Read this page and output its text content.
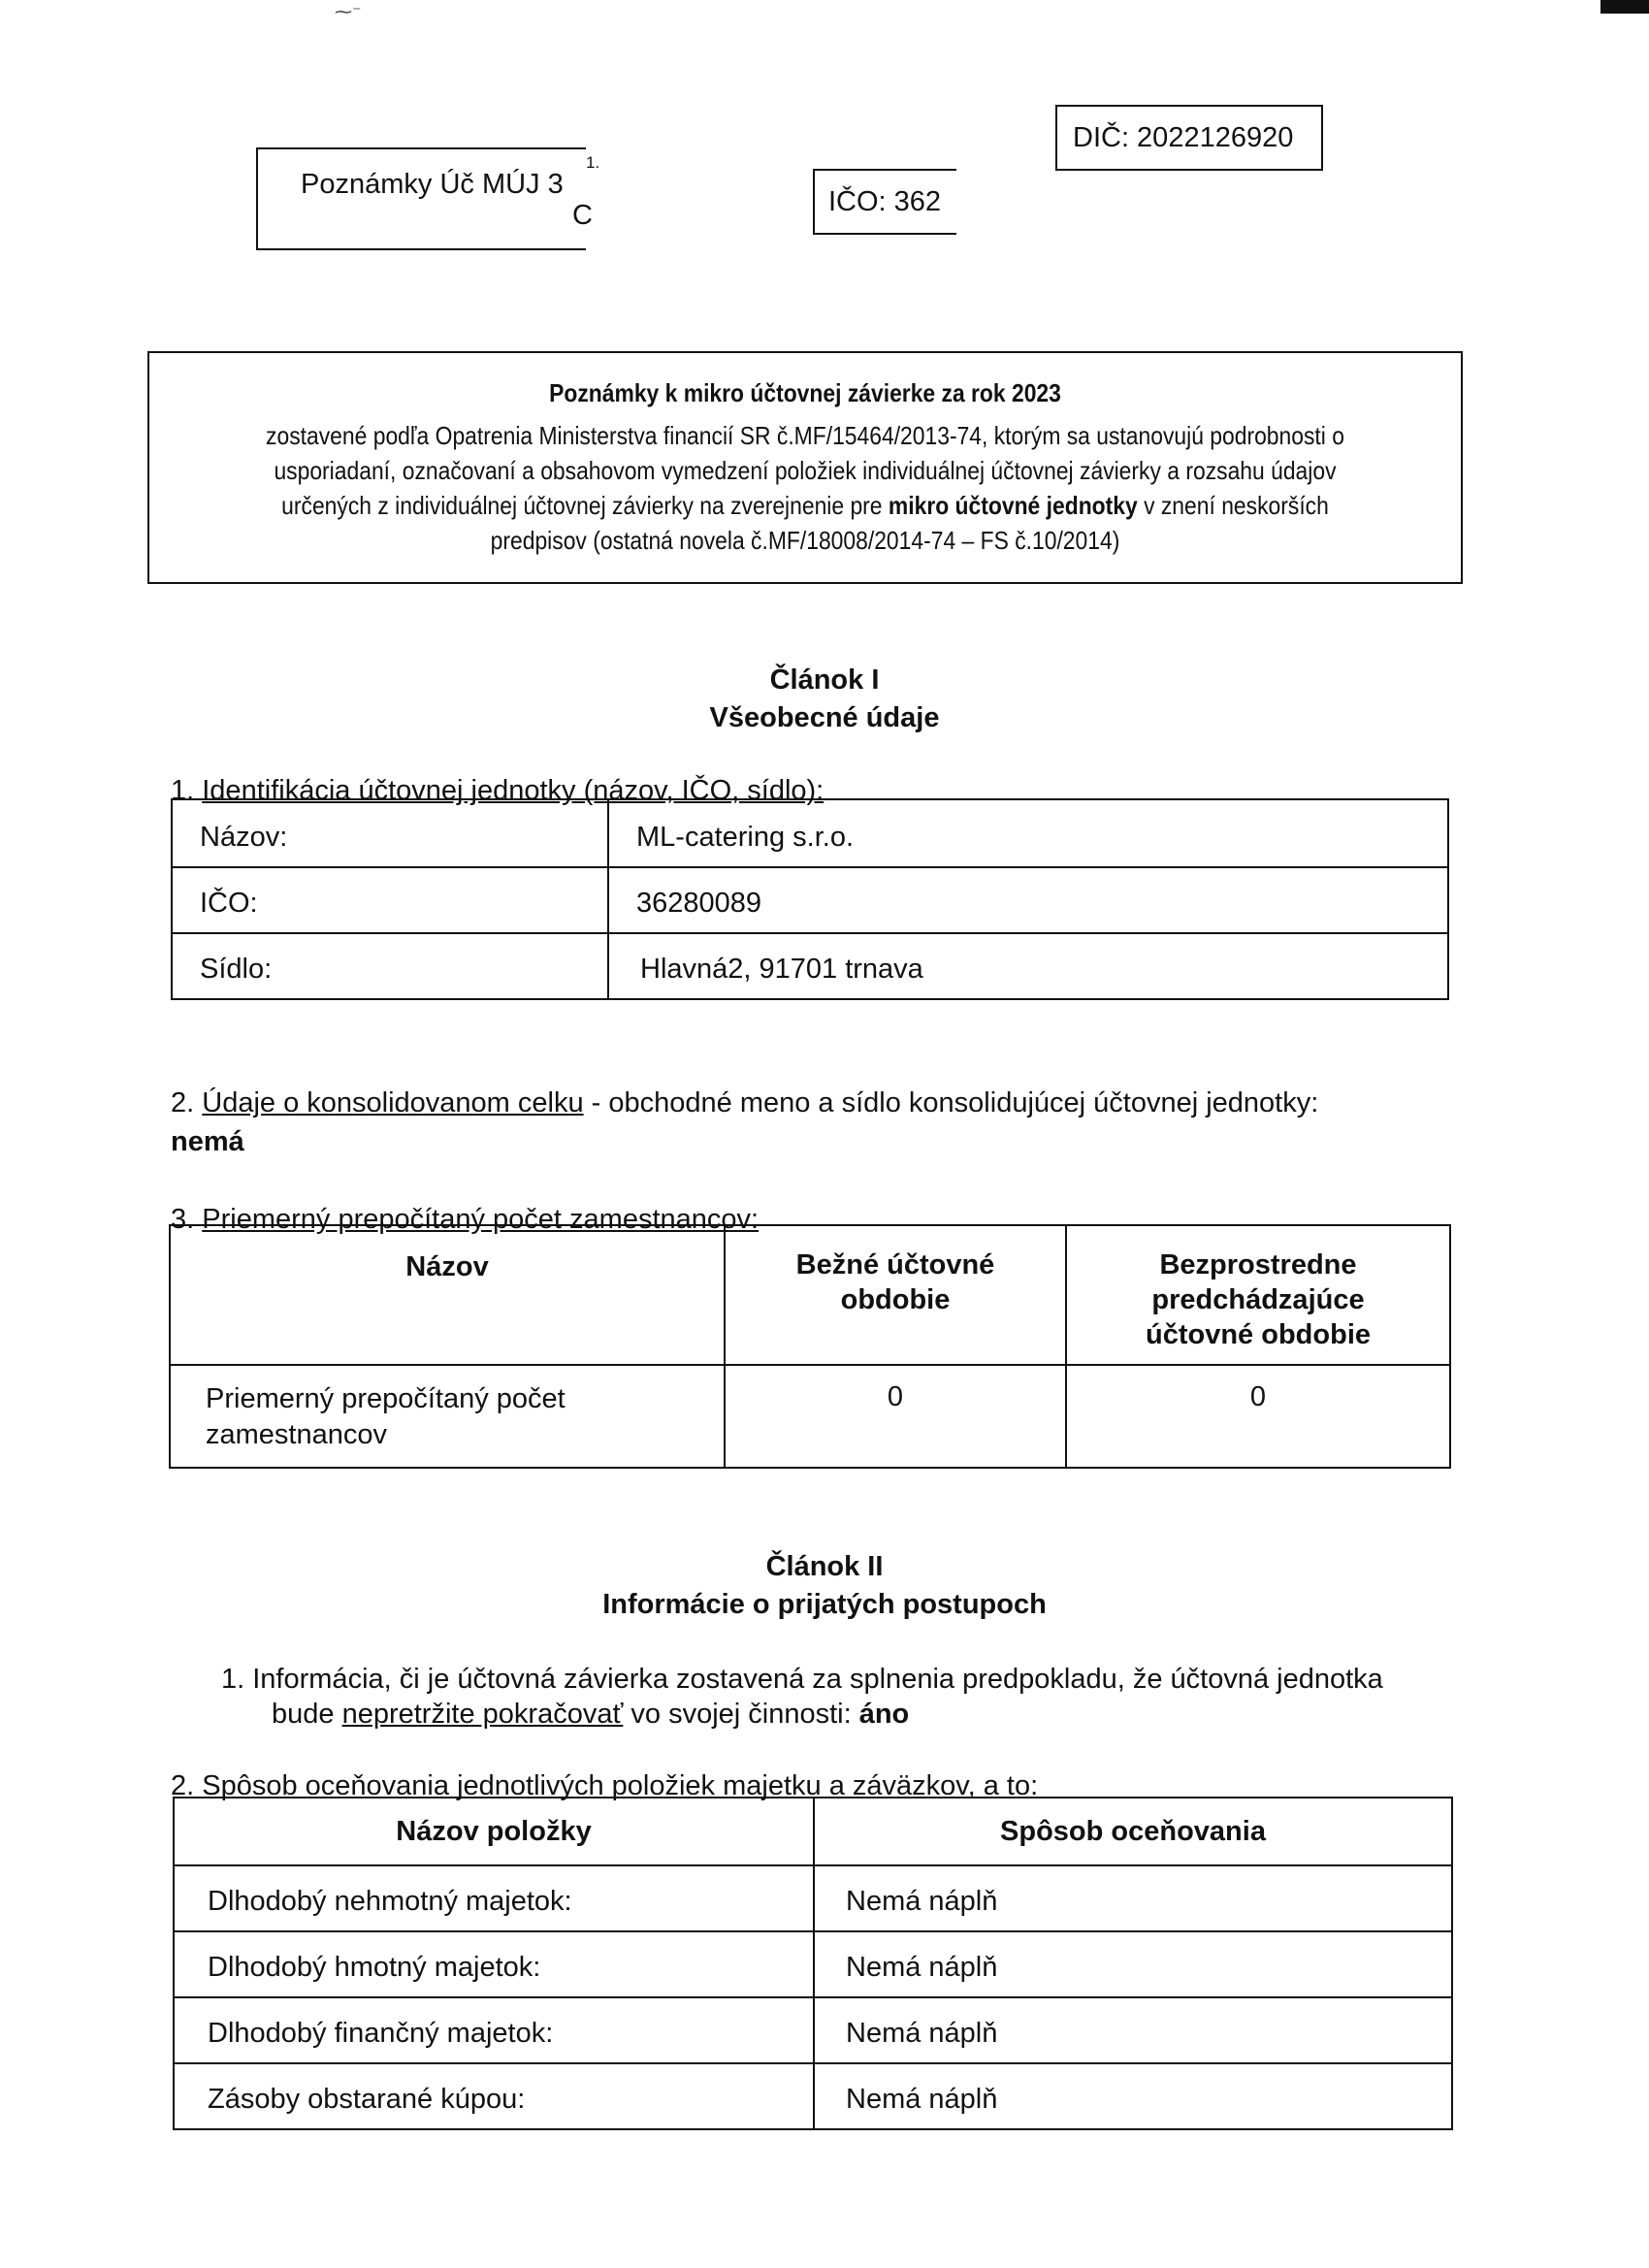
⁓⁻
Poznámky Úč MÚJ 3
1.
C	IČO: 362
DIČ: 2022126920
Poznámky k mikro účtovnej závierke za rok 2023
zostavené podľa Opatrenia Ministerstva financií SR č.MF/15464/2013-74, ktorým sa ustanovujú podrobnosti o usporiadaní, označovaní a obsahovom vymedzení položiek individuálnej účtovnej závierky a rozsahu údajov určených z individuálnej účtovnej závierky na zverejnenie pre mikro účtovné jednotky v znení neskorších predpisov (ostatná novela č.MF/18008/2014-74 – FS č.10/2014)
Článok I
Všeobecné údaje
1. Identifikácia účtovnej jednotky (názov, IČO, sídlo):
Názov:	ML-catering s.r.o.
IČO:	36280089
Sídlo:	Hlavná2, 91701 trnava
2. Údaje o konsolidovanom celku - obchodné meno a sídlo konsolidujúcej účtovnej jednotky:
nemá
3. Priemerný prepočítaný počet zamestnancov:
Názov	Bežné účtovné obdobie	Bezprostredne predchádzajúce účtovné obdobie
Priemerný prepočítaný počet zamestnancov	0	0
Článok II
Informácie o prijatých postupoch
1. Informácia, či je účtovná závierka zostavená za splnenia predpokladu, že účtovná jednotka
bude nepretržite pokračovať vo svojej činnosti: áno
2. Spôsob oceňovania jednotlivých položiek majetku a záväzkov, a to:
Názov položky	Spôsob oceňovania
Dlhodobý nehmotný majetok:	Nemá náplň
Dlhodobý hmotný majetok:	Nemá náplň
Dlhodobý finančný majetok:	Nemá náplň
Zásoby obstarané kúpou:	Nemá náplň
